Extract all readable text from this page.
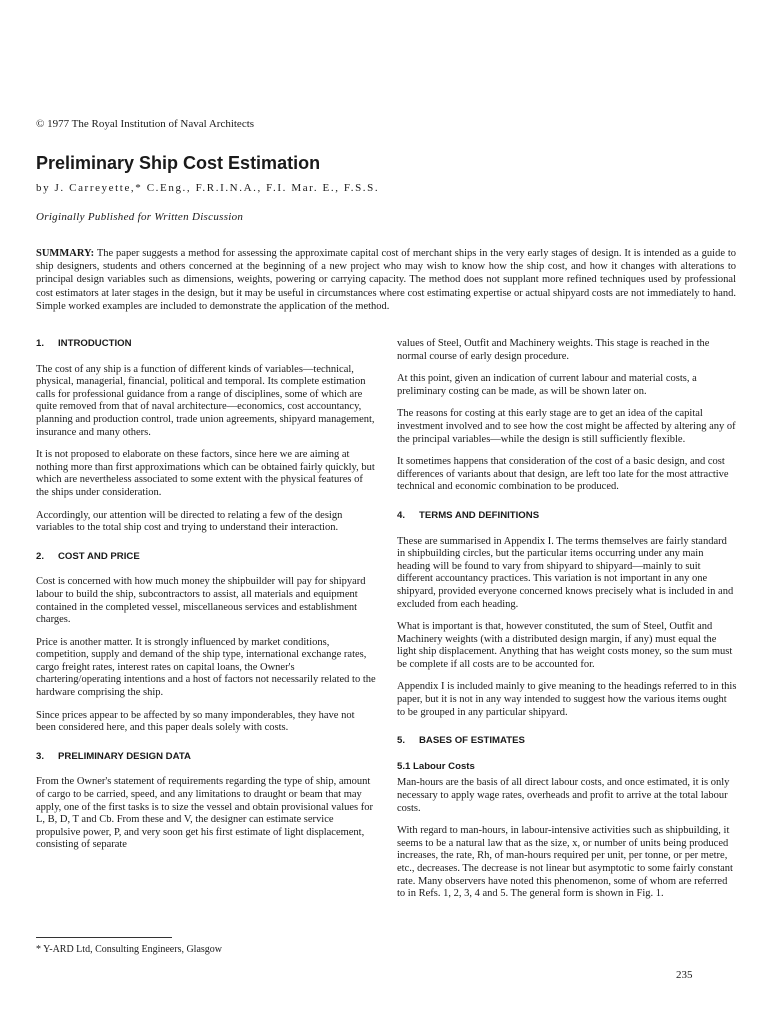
© 1977 The Royal Institution of Naval Architects
Preliminary Ship Cost Estimation
by J. Carreyette,* C.Eng., F.R.I.N.A., F.I. Mar. E., F.S.S.
Originally Published for Written Discussion

SUMMARY: The paper suggests a method for assessing the approximate capital cost of merchant ships in the very early stages of design. It is intended as a guide to ship designers, students and others concerned at the beginning of a new project who may wish to know how the ship cost, and how it changes with alterations to principal design variables such as dimensions, weights, powering or carrying capacity. The method does not supplant more refined techniques used by professional cost estimators at later stages in the design, but it may be useful in circumstances where cost estimating expertise or actual shipyard costs are not immediately to hand. Simple worked examples are included to demonstrate the application of the method.

1. INTRODUCTION

The cost of any ship is a function of different kinds of variables—technical, physical, managerial, financial, political and temporal. Its complete estimation calls for professional guidance from a range of disciplines, some of which are quite removed from that of naval architecture—economics, cost accountancy, planning and production control, trade union agreements, shipyard management, insurance and many others.

It is not proposed to elaborate on these factors, since here we are aiming at nothing more than first approximations which can be obtained fairly quickly, but which are nevertheless associated to some extent with the physical features of the ships under consideration.

Accordingly, our attention will be directed to relating a few of the design variables to the total ship cost and trying to understand their interaction.

2. COST AND PRICE

Cost is concerned with how much money the shipbuilder will pay for shipyard labour to build the ship, subcontractors to assist, all materials and equipment contained in the completed vessel, miscellaneous services and establishment charges.

Price is another matter. It is strongly influenced by market conditions, competition, supply and demand of the ship type, international exchange rates, cargo freight rates, interest rates on capital loans, the Owner's chartering/operating intentions and a host of factors not necessarily related to the hardware comprising the ship.

Since prices appear to be affected by so many imponderables, they have not been considered here, and this paper deals solely with costs.

3. PRELIMINARY DESIGN DATA

From the Owner's statement of requirements regarding the type of ship, amount of cargo to be carried, speed, and any limitations to draught or beam that may apply, one of the first tasks is to size the vessel and obtain provisional values for L, B, D, T and Cb. From these and V, the designer can estimate service propulsive power, P, and very soon get his first estimate of light displacement, consisting of separate

values of Steel, Outfit and Machinery weights. This stage is reached in the normal course of early design procedure.

At this point, given an indication of current labour and material costs, a preliminary costing can be made, as will be shown later on.

The reasons for costing at this early stage are to get an idea of the capital investment involved and to see how the cost might be affected by altering any of the principal variables—while the design is still sufficiently flexible.

It sometimes happens that consideration of the cost of a basic design, and cost differences of variants about that design, are left too late for the most attractive technical and economic combination to be produced.

4. TERMS AND DEFINITIONS

These are summarised in Appendix I. The terms themselves are fairly standard in shipbuilding circles, but the particular items occurring under any main heading will be found to vary from shipyard to shipyard—mainly to suit different accountancy practices. This variation is not important in any one shipyard, provided everyone concerned knows precisely what is included in and excluded from each heading.

What is important is that, however constituted, the sum of Steel, Outfit and Machinery weights (with a distributed design margin, if any) must equal the light ship displacement. Anything that has weight costs money, so the sum must be complete if all costs are to be accounted for.

Appendix I is included mainly to give meaning to the headings referred to in this paper, but it is not in any way intended to suggest how the various items ought to be grouped in any particular shipyard.

5. BASES OF ESTIMATES
5.1 Labour Costs

Man-hours are the basis of all direct labour costs, and once estimated, it is only necessary to apply wage rates, overheads and profit to arrive at the total labour costs.

With regard to man-hours, in labour-intensive activities such as shipbuilding, it seems to be a natural law that as the size, x, or number of units being produced increases, the rate, Rh, of man-hours required per unit, per tonne, or per metre, etc., decreases. The decrease is not linear but asymptotic to some fairly constant rate. Many observers have noted this phenomenon, some of whom are referred to in Refs. 1, 2, 3, 4 and 5. The general form is shown in Fig. 1.

* Y-ARD Ltd, Consulting Engineers, Glasgow
235
